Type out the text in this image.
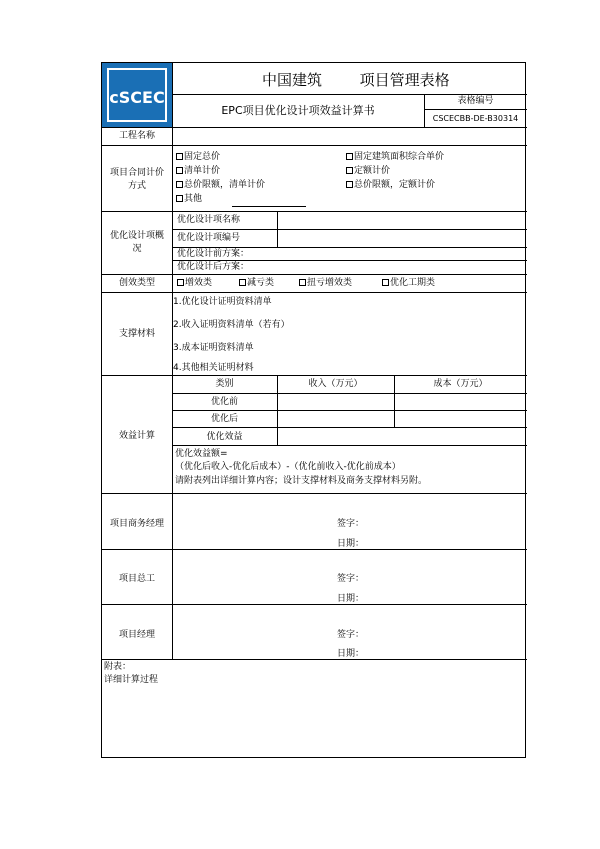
cSCEC
中国建筑	项目管理表格
EPC项目优化设计项效益计算书
表格编号
CSCECBB-DE-B30314
工程名称
项目合同计价方式
固定总价	固定建筑面积综合单价
清单计价	定额计价
总价限额，清单计价	总价限额，定额计价
其他
优化设计项概况
优化设计项名称
优化设计项编号
优化设计前方案：
优化设计后方案：
创效类型	增效类	减亏类	扭亏增效类	优化工期类
支撑材料
1.优化设计证明资料清单
2.收入证明资料清单（若有）
3.成本证明资料清单
4.其他相关证明材料
效益计算
类别	收入（万元）	成本（万元）
优化前
优化后
优化效益
优化效益额=
（优化后收入-优化后成本）-（优化前收入-优化前成本）
请附表列出详细计算内容；设计支撑材料及商务支撑材料另附。
项目商务经理	签字：
日期：
项目总工	签字：
日期：
项目经理	签字：
日期：
附表：
详细计算过程
